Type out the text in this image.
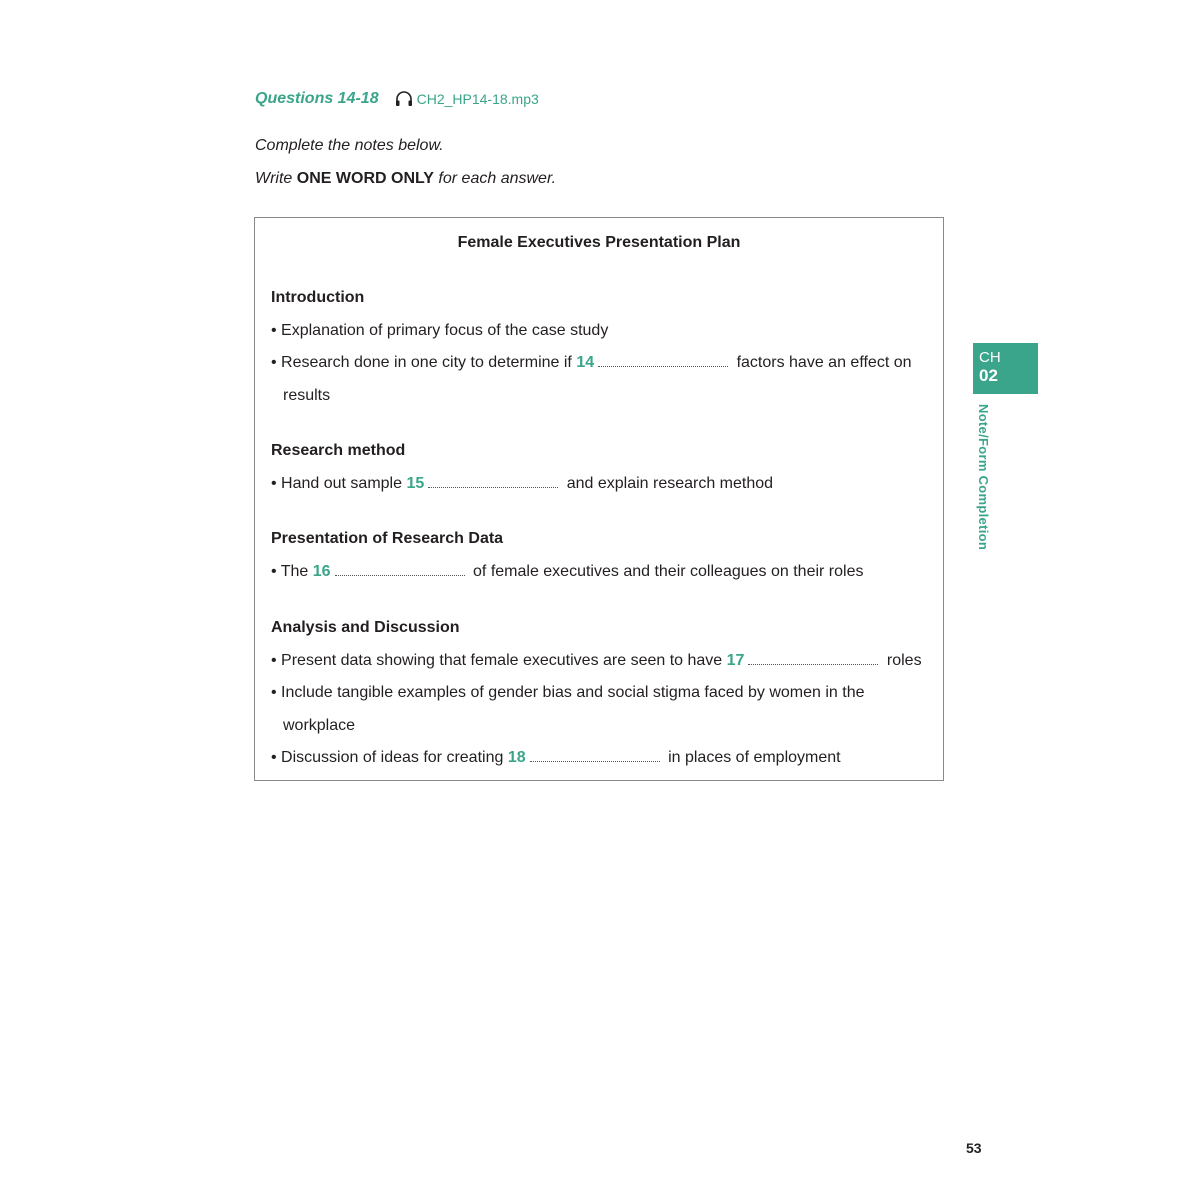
Questions 14-18	CH2_HP14-18.mp3
Complete the notes below.
Write ONE WORD ONLY for each answer.
Female Executives Presentation Plan
Introduction
• Explanation of primary focus of the case study
• Research done in one city to determine if 14	factors have an effect on
results
Research method
• Hand out sample 15	and explain research method
Presentation of Research Data
• The 16	of female executives and their colleagues on their roles
Analysis and Discussion
• Present data showing that female executives are seen to have 17	roles
• Include tangible examples of gender bias and social stigma faced by women in the
workplace
• Discussion of ideas for creating 18	in places of employment
CH
02
Note/Form Completion
53
